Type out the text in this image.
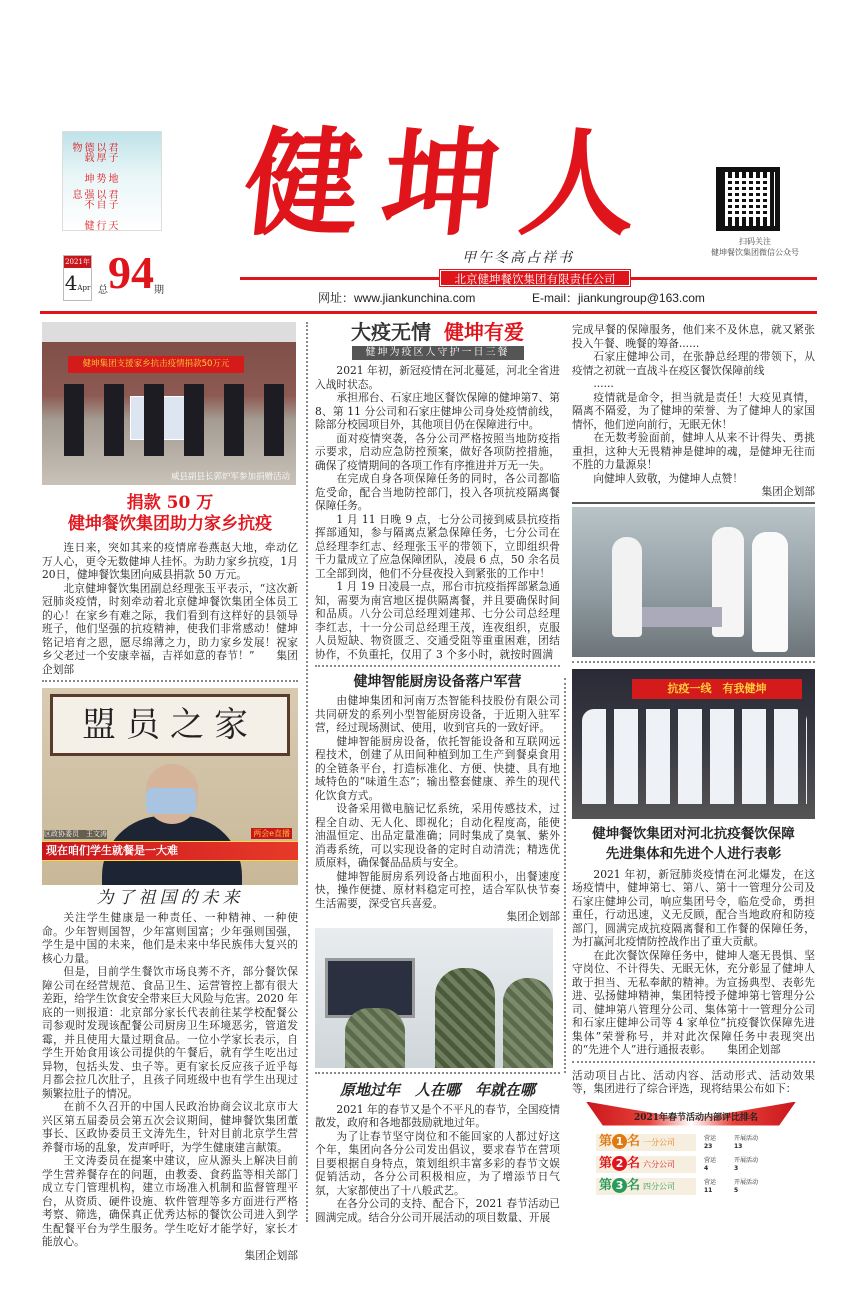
天行健
君子以自强不息
地势坤
君子以厚德载物	健坤人
甲午冬高占祥书
扫码关注
健坤餐饮集团微信公众号
2021年
4Apr 总 94 期
北京健坤餐饮集团有限责任公司
网址：www.jiankunchina.com	E-mail：jiankungroup@163.com
健坤集团支援家乡抗击疫情捐款50万元
威县副县长郭炉军参加捐赠活动
捐款 50 万
健坤餐饮集团助力家乡抗疫

连日来，突如其来的疫情席卷燕赵大地，牵动亿万人心，更令无数健坤人挂怀。为助力家乡抗疫，1月20日，健坤餐饮集团向威县捐款 50 万元。

北京健坤餐饮集团副总经理张玉平表示，“这次新冠肺炎疫情，时刻牵动着北京健坤餐饮集团全体员工的心！在家乡有难之际，我们看到有这样好的县领导班子，他们坚强的抗疫精神，使我们非常感动！健坤铭记培育之恩，愿尽绵薄之力，助力家乡发展！祝家乡父老过一个安康幸福，吉祥如意的春节！”　　集团企划部

盟员之家
区政协委员　王文涛	两会e直播
现在咱们学生就餐是一大难
为了祖国的未来

关注学生健康是一种责任、一种精神、一种使命。少年智则国智，少年富则国富；少年强则国强，学生是中国的未来，他们是未来中华民族伟大复兴的核心力量。

但是，目前学生餐饮市场良莠不齐，部分餐饮保障公司在经营规范、食品卫生、运营管控上都有很大差距，给学生饮食安全带来巨大风险与危害。2020 年底的一则报道：北京部分家长代表前往某学校配餐公司参观时发现该配餐公司厨房卫生环境恶劣，管道发霉，并且使用大量过期食品。一位小学家长表示，自学生开始食用该公司提供的午餐后，就有学生吃出过异物，包括头发、虫子等。更有家长反应孩子近乎每月都会拉几次肚子，且孩子同班级中也有学生出现过频繁拉肚子的情况。

在前不久召开的中国人民政治协商会议北京市大兴区第五届委员会第五次会议期间，健坤餐饮集团董事长、区政协委员王文涛先生，针对目前北京学生营养餐市场的乱象，发声呼吁，为学生健康建言献策。

王文涛委员在提案中建议，应从源头上解决目前学生营养餐存在的问题，由教委、食药监等相关部门成立专门管理机构，建立市场准入机制和监督管理平台，从资质、硬件设施、软件管理等多方面进行严格考察、筛选，确保真正优秀达标的餐饮公司进入到学生配餐平台为学生服务。学生吃好才能学好，家长才能放心。

集团企划部

大疫无情 健坤有爱
健坤为疫区人守护一日三餐

2021 年初，新冠疫情在河北蔓延，河北全省进入战时状态。

承担邢台、石家庄地区餐饮保障的健坤第7、第8、第 11 分公司和石家庄健坤公司身处疫情前线，除部分校园项目外，其他项目仍在保障进行中。

面对疫情突袭，各分公司严格按照当地防疫指示要求，启动应急防控预案，做好各项防控措施，确保了疫情期间的各项工作有序推进并万无一失。

在完成自身各项保障任务的同时，各公司都临危受命，配合当地防控部门，投入各项抗疫隔离餐保障任务。

1 月 11 日晚 9 点，七分公司接到威县抗疫指挥部通知，参与隔离点紧急保障任务，七分公司在总经理李红志、经理张玉平的带领下，立即组织骨干力量成立了应急保障团队，凌晨 6 点，50 余名员工全部到岗，他们不分昼夜投入到紧张的工作中！

1 月 19 日凌晨一点，邢台市抗疫指挥部紧急通知，需要为南宫地区提供隔离餐，并且要确保时间和品质。八分公司总经理刘建邦、七分公司总经理李红志，十一分公司总经理王茂，连夜组织，克服人员短缺、物资匮乏、交通受阻等重重困难，团结协作，不负重托，仅用了 3 个多小时，就按时圆满

健坤智能厨房设备落户军营

由健坤集团和河南万杰智能科技股份有限公司共同研发的系列小型智能厨房设备，于近期入驻军营，经过现场测试、使用，收到官兵的一致好评。

健坤智能厨房设备，依托智能设备和互联网远程技术，创建了从田间种植到加工生产到餐桌食用的全链条平台，打造标准化、方便、快捷、具有地域特色的“味道生态”；输出整套健康、养生的现代化饮食方式。

设备采用微电脑记忆系统，采用传感技术，过程全自动、无人化、即视化；自动化程度高，能使油温恒定、出品定量准确；同时集成了臭氧、紫外消毒系统，可以实现设备的定时自动清洗；精选优质原料，确保餐品品质与安全。

健坤智能厨房系列设备占地面积小，出餐速度快，操作便捷、原材料稳定可控，适合军队快节奏生活需要，深受官兵喜爱。

集团企划部

原地过年　人在哪　年就在哪

2021 年的春节又是个不平凡的春节，全国疫情散发，政府和各地都鼓励就地过年。

为了让春节坚守岗位和不能回家的人都过好这个年，集团向各分公司发出倡议，要求春节在营项目要根据自身特点，策划组织丰富多彩的春节文娱促销活动，各分公司积极相应，为了增添节日气氛，大家都使出了十八般武艺。

在各分公司的支持、配合下，2021 春节活动已圆满完成。结合分公司开展活动的项目数量、开展

完成早餐的保障服务，他们来不及休息，就又紧张投入午餐、晚餐的筹备......

石家庄健坤公司，在张静总经理的带领下，从疫情之初就一直战斗在疫区餐饮保障前线

......

疫情就是命令，担当就是责任！大疫见真情，隔离不隔爱，为了健坤的荣誉、为了健坤人的家国情怀，他们逆向前行，无眠无休！

在无数考验面前，健坤人从来不计得失、勇挑重担，这种大无畏精神是健坤的魂，是健坤无往而不胜的力量源泉！

向健坤人致敬，为健坤人点赞！

集团企划部

抗疫一线　有我健坤
健坤餐饮集团对河北抗疫餐饮保障
先进集体和先进个人进行表彰

2021 年初，新冠肺炎疫情在河北爆发，在这场疫情中，健坤第七、第八、第十一管理分公司及石家庄健坤公司，响应集团号令，临危受命，勇担重任，行动迅速，义无反顾，配合当地政府和防疫部门，圆满完成抗疫隔离餐和工作餐的保障任务，为打赢河北疫情防控战作出了重大贡献。

在此次餐饮保障任务中，健坤人毫无畏惧、坚守岗位、不计得失、无眠无休，充分彰显了健坤人敢于担当、无私奉献的精神。为宣扬典型、表彰先进、弘扬健坤精神，集团特授予健坤第七管理分公司、健坤第八管理分公司、集体第十一管理分公司和石家庄健坤公司等 4 家单位“抗疫餐饮保障先进集体”荣誉称号，并对此次保障任务中表现突出的“先进个人”进行通报表彰。　　集团企划部

活动项目占比、活动内容、活动形式、活动效果等，集团进行了综合评选，现将结果公布如下：

2021年春节活动内部评比排名
第 1 名 一分公司	营运
23
开展活动
13
第 2 名 六分公司	营运
4
开展活动
3
第 3 名 四分公司	营运
11
开展活动
5
